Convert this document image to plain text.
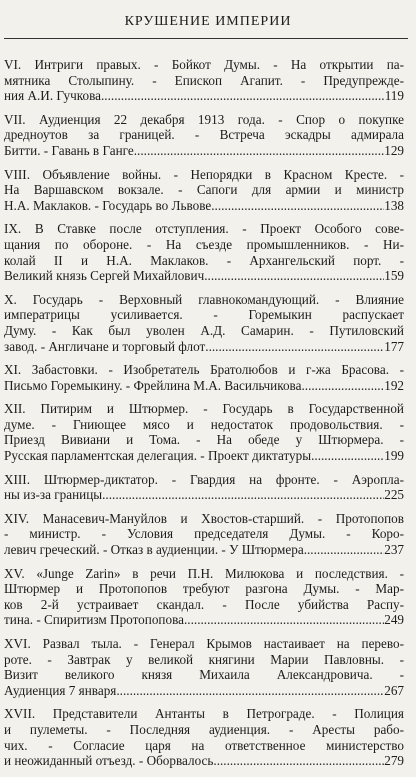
КРУШЕНИЕ ИМПЕРИИ
VI. Интриги правых. - Бойкот Думы. - На открытии па-
мятника Столыпину. - Епископ Агапит. - Предупрежде-
ния А.И. Гучкова .....	119
VII. Аудиенция 22 декабря 1913 года. - Спор о покупке
дредноутов за границей. - Встреча эскадры адмирала
Битти. - Гавань в Ганге .....	129
VIII. Объявление войны. - Непорядки в Красном Кресте. -
На Варшавском вокзале. - Сапоги для армии и министр
Н.А. Маклаков. - Государь во Львове .....	138
IX. В Ставке после отступления. - Проект Особого сове-
щания по обороне. - На съезде промышленников. - Ни-
колай II и Н.А. Маклаков. - Архангельский порт. -
Великий князь Сергей Михайлович .....	159
X. Государь - Верховный главнокомандующий. - Влияние
императрицы усиливается. - Горемыкин распускает
Думу. - Как был уволен А.Д. Самарин. - Путиловский
завод. - Англичане и торговый флот .....	177
XI. Забастовки. - Изобретатель Братолюбов и г-жа Брасова. -
Письмо Горемыкину. - Фрейлина М.А. Васильчикова .....	192
XII. Питирим и Штюрмер. - Государь в Государственной
думе. - Гниющее мясо и недостаток продовольствия. -
Приезд Вивиани и Тома. - На обеде у Штюрмера. -
Русская парламентская делегация. - Проект диктатуры .....	199
XIII. Штюрмер-диктатор. - Гвардия на фронте. - Аэропла-
ны из-за границы .....	225
XIV. Манасевич-Мануйлов и Хвостов-старший. - Протопопов
- министр. - Условия председателя Думы. - Коро-
левич греческий. - Отказ в аудиенции. - У Штюрмера .....	237
XV. «Junge Zarin» в речи П.Н. Милюкова и последствия. -
Штюрмер и Протопопов требуют разгона Думы. - Мар-
ков 2-й устраивает скандал. - После убийства Распу-
тина. - Спиритизм Протопопова .....	249
XVI. Развал тыла. - Генерал Крымов настаивает на перево-
роте. - Завтрак у великой княгини Марии Павловны. -
Визит великого князя Михаила Александровича. -
Аудиенция 7 января .....	267
XVII. Представители Антанты в Петрограде. - Полиция
и пулеметы. - Последняя аудиенция. - Аресты рабо-
чих. - Согласие царя на ответственное министерство
и неожиданный отъезд. - Оборвалось .....	279
